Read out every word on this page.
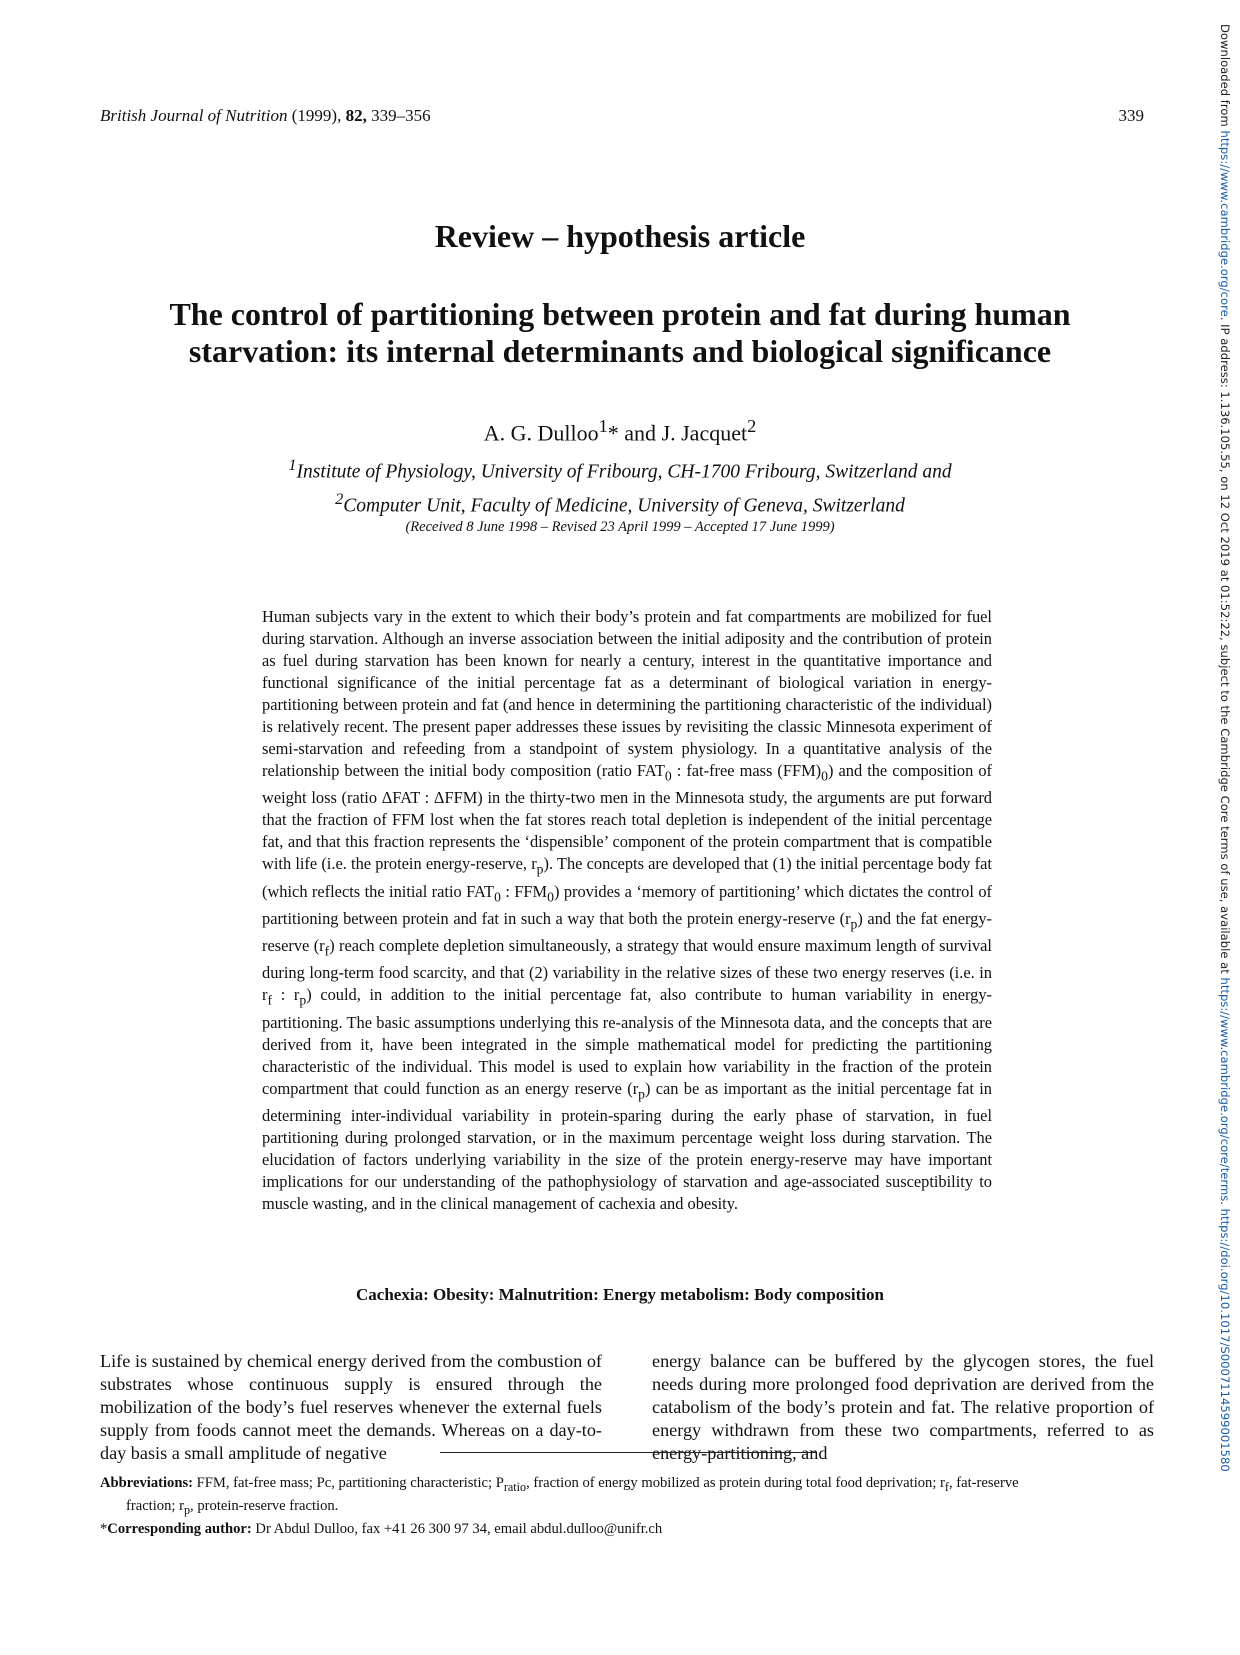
British Journal of Nutrition (1999), 82, 339–356	339
Review – hypothesis article
The control of partitioning between protein and fat during human
starvation: its internal determinants and biological significance
A. G. Dulloo$^1$* and J. Jacquet$^2$
$^1$Institute of Physiology, University of Fribourg, CH-1700 Fribourg, Switzerland and
$^2$Computer Unit, Faculty of Medicine, University of Geneva, Switzerland
(Received 8 June 1998 – Revised 23 April 1999 – Accepted 17 June 1999)
Human subjects vary in the extent to which their body’s protein and fat compartments are mobilized for fuel during starvation. Although an inverse association between the initial adiposity and the contribution of protein as fuel during starvation has been known for nearly a century, interest in the quantitative importance and functional significance of the initial percentage fat as a determinant of biological variation in energy-partitioning between protein and fat (and hence in determining the partitioning characteristic of the individual) is relatively recent. The present paper addresses these issues by revisiting the classic Minnesota experiment of semi-starvation and refeeding from a standpoint of system physiology. In a quantitative analysis of the relationship between the initial body composition (ratio $FAT_0$ : fat-free mass $(FFM)_0$) and the composition of weight loss (ratio ΔFAT : ΔFFM) in the thirty-two men in the Minnesota study, the arguments are put forward that the fraction of FFM lost when the fat stores reach total depletion is independent of the initial percentage fat, and that this fraction represents the ‘dispensible’ component of the protein compartment that is compatible with life (i.e. the protein energy-reserve, $r_p$). The concepts are developed that (1) the initial percentage body fat (which reflects the initial ratio $FAT_0$ : $FFM_0$) provides a ‘memory of partitioning’ which dictates the control of partitioning between protein and fat in such a way that both the protein energy-reserve $(r_p)$ and the fat energy-reserve $(r_f)$ reach complete depletion simultaneously, a strategy that would ensure maximum length of survival during long-term food scarcity, and that (2) variability in the relative sizes of these two energy reserves (i.e. in $r_f$ : $r_p$) could, in addition to the initial percentage fat, also contribute to human variability in energy-partitioning. The basic assumptions underlying this re-analysis of the Minnesota data, and the concepts that are derived from it, have been integrated in the simple mathematical model for predicting the partitioning characteristic of the individual. This model is used to explain how variability in the fraction of the protein compartment that could function as an energy reserve $(r_p)$ can be as important as the initial percentage fat in determining inter-individual variability in protein-sparing during the early phase of starvation, in fuel partitioning during prolonged starvation, or in the maximum percentage weight loss during starvation. The elucidation of factors underlying variability in the size of the protein energy-reserve may have important implications for our understanding of the pathophysiology of starvation and age-associated susceptibility to muscle wasting, and in the clinical management of cachexia and obesity.
Cachexia: Obesity: Malnutrition: Energy metabolism: Body composition
Life is sustained by chemical energy derived from the combustion of substrates whose continuous supply is ensured through the mobilization of the body’s fuel reserves whenever the external fuels supply from foods cannot meet the demands. Whereas on a day-to-day basis a small amplitude of negative
energy balance can be buffered by the glycogen stores, the fuel needs during more prolonged food deprivation are derived from the catabolism of the body’s protein and fat. The relative proportion of energy withdrawn from these two compartments, referred to as energy-partitioning, and
Abbreviations: FFM, fat-free mass; Pc, partitioning characteristic; $P_{ratio}$, fraction of energy mobilized as protein during total food deprivation; $r_f$, fat-reserve
fraction; $r_p$, protein-reserve fraction.
*Corresponding author: Dr Abdul Dulloo, fax +41 26 300 97 34, email abdul.dulloo@unifr.ch
Downloaded from https://www.cambridge.org/core. IP address: 1.136.105.55, on 12 Oct 2019 at 01:52:22, subject to the Cambridge Core terms of use, available at https://www.cambridge.org/core/terms. https://doi.org/10.1017/S0007114599001580
